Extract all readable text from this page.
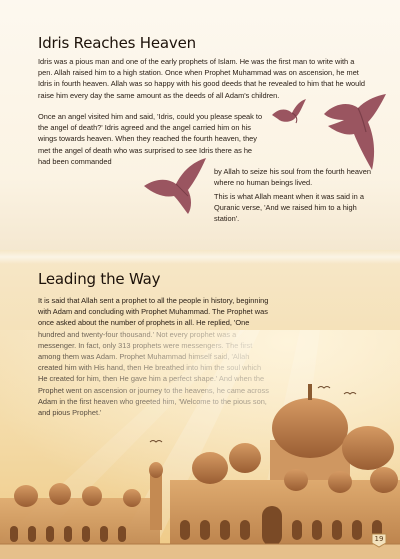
Idris Reaches Heaven

Idris was a pious man and one of the early prophets of Islam. He was the first man to write with a pen. Allah raised him to a high station. Once when Prophet Muhammad was on ascension, he met Idris in fourth heaven. Allah was so happy with his good deeds that he revealed to him that he would raise him every day the same amount as the deeds of all Adam's children.

Once an angel visited him and said, 'Idris, could you please speak to the angel of death?' Idris agreed and the angel carried him on his wings towards heaven. When they reached the fourth heaven, they met the angel of death who was surprised to see Idris there as he had been commanded

by Allah to seize his soul from the fourth heaven where no human beings lived.

This is what Allah meant when it was said in a Quranic verse, 'And we raised him to a high station'.

Leading the Way

It is said that Allah sent a prophet to all the people in history, beginning with Adam and concluding with Prophet Muhammad. The Prophet was once asked about the number of prophets in all. He replied, 'One

19
